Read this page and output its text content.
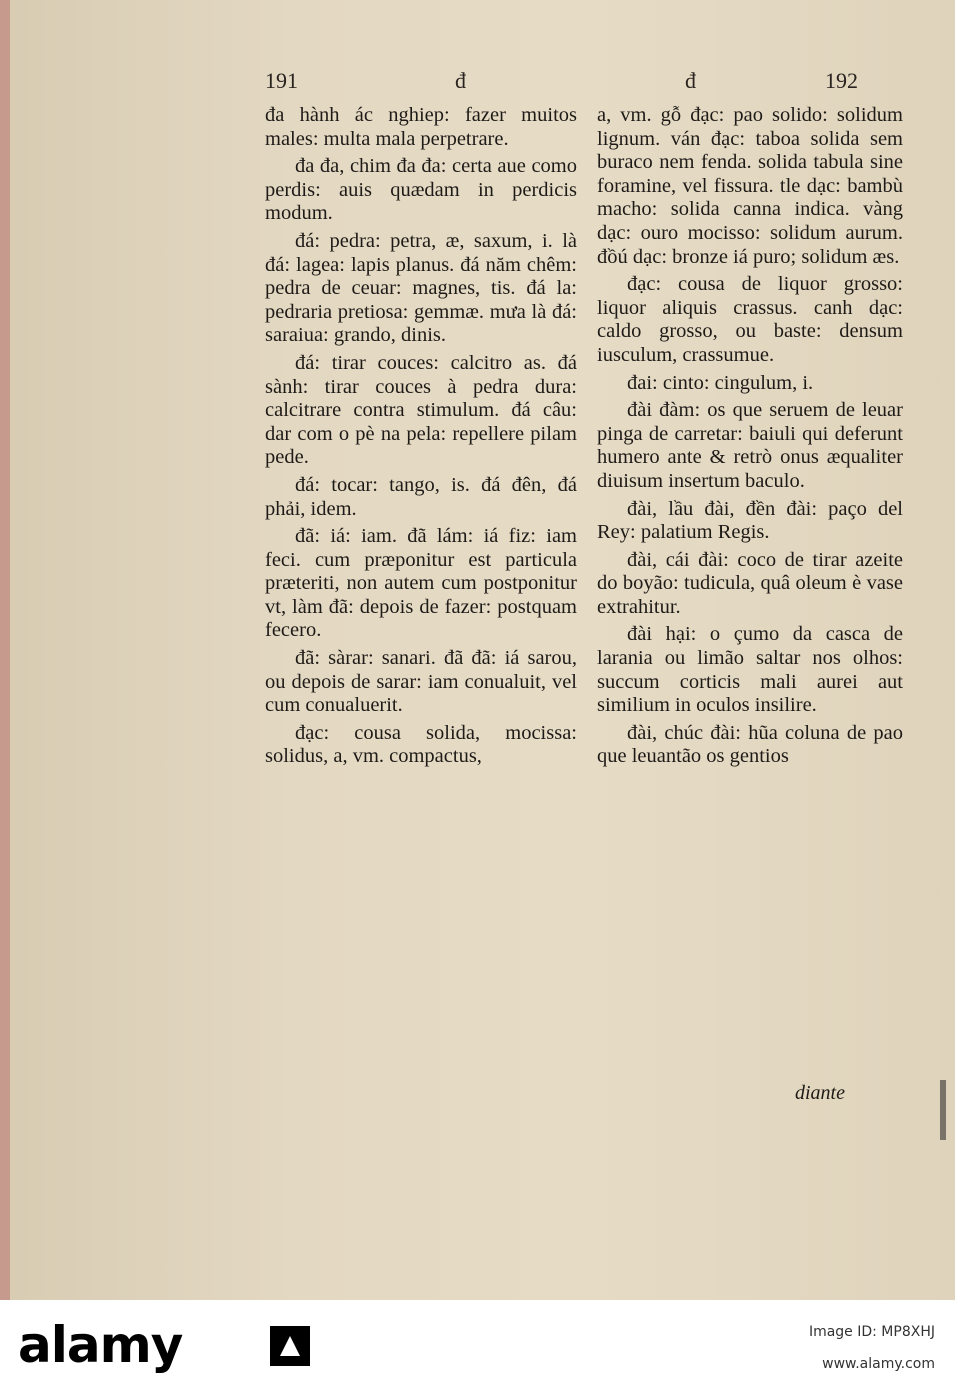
191	đ	đ	192

đa hành ác nghiep: fazer muitos males: multa mala perpetrare.

đa đa, chim đa đa: certa aue como perdis: auis quædam in perdicis modum.

đá: pedra: petra, æ, saxum, i. là đá: lagea: lapis planus. đá năm chêm: pedra de ceuar: magnes, tis. đá la: pedraria pretiosa: gemmæ. mưa là đá: saraiua: grando, dinis.

đá: tirar couces: calcitro as. đá sành: tirar couces à pedra dura: calcitrare contra stimulum. đá câu: dar com o pè na pela: repellere pilam pede.

đá: tocar: tango, is. đá đên, đá phải, idem.

đã: iá: iam. đã lám: iá fiz: iam feci. cum præponitur est particula præteriti, non autem cum postponitur vt, làm đã: depois de fazer: postquam fecero.

đã: sàrar: sanari. đã đã: iá sarou, ou depois de sarar: iam conualuit, vel cum conualuerit.

đạc: cousa solida, mocissa: solidus, a, vm. compactus,

a, vm. gỗ đạc: pao solido: solidum lignum. ván đạc: taboa solida sem buraco nem fenda. solida tabula sine foramine, vel fissura. tle dạc: bambù macho: solida canna indica. vàng dạc: ouro mocisso: solidum aurum. đồú dạc: bronze iá puro; solidum æs.

đạc: cousa de liquor grosso: liquor aliquis crassus. canh dạc: caldo grosso, ou baste: densum iusculum, crassumue.

đai: cinto: cingulum, i.

đài đàm: os que seruem de leuar pinga de carretar: baiuli qui deferunt humero ante & retrò onus æqualiter diuisum insertum baculo.

đài, lầu đài, đền đài: paço del Rey: palatium Regis.

đài, cái đài: coco de tirar azeite do boyão: tudicula, quâ oleum è vase extrahitur.

đài hại: o çumo da casca de larania ou limão saltar nos olhos: succum corticis mali aurei aut similium in oculos insilire.

đài, chúc đài: hũa coluna de pao que leuantão os gentios

diante
alamy	Image ID: MP8XHJ
www.alamy.com
